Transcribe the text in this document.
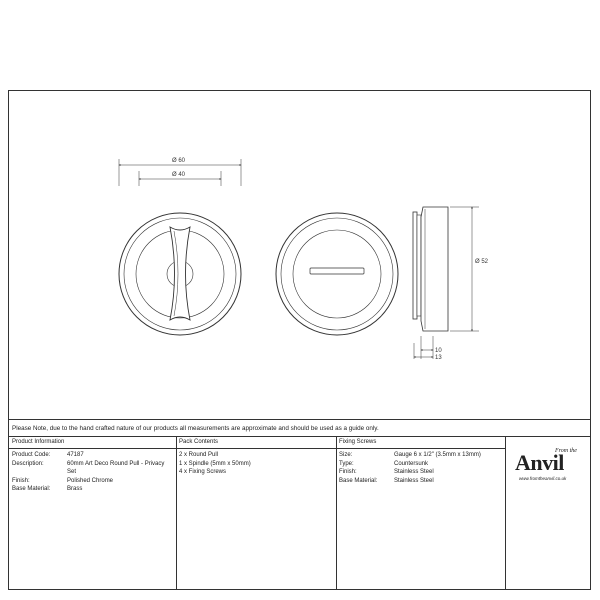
Ø 60
Ø 40
Ø 52
10
13
Please Note, due to the hand crafted nature of our products all measurements are approximate and should be used as a guide only.
Product Information
Product Code:	47187
Description:	60mm Art Deco Round Pull - Privacy Set
Finish:	Polished Chrome
Base Material:	Brass
Pack Contents
2 x Round Pull
1 x Spindle (5mm x 50mm)
4 x Fixing Screws
Fixing Screws
Size:	Gauge 6 x 1/2" (3.5mm x 13mm)
Type:	Countersunk
Finish:	Stainless Steel
Base Material:	Stainless Steel
From the
Anvil
www.fromtheanvil.co.uk
